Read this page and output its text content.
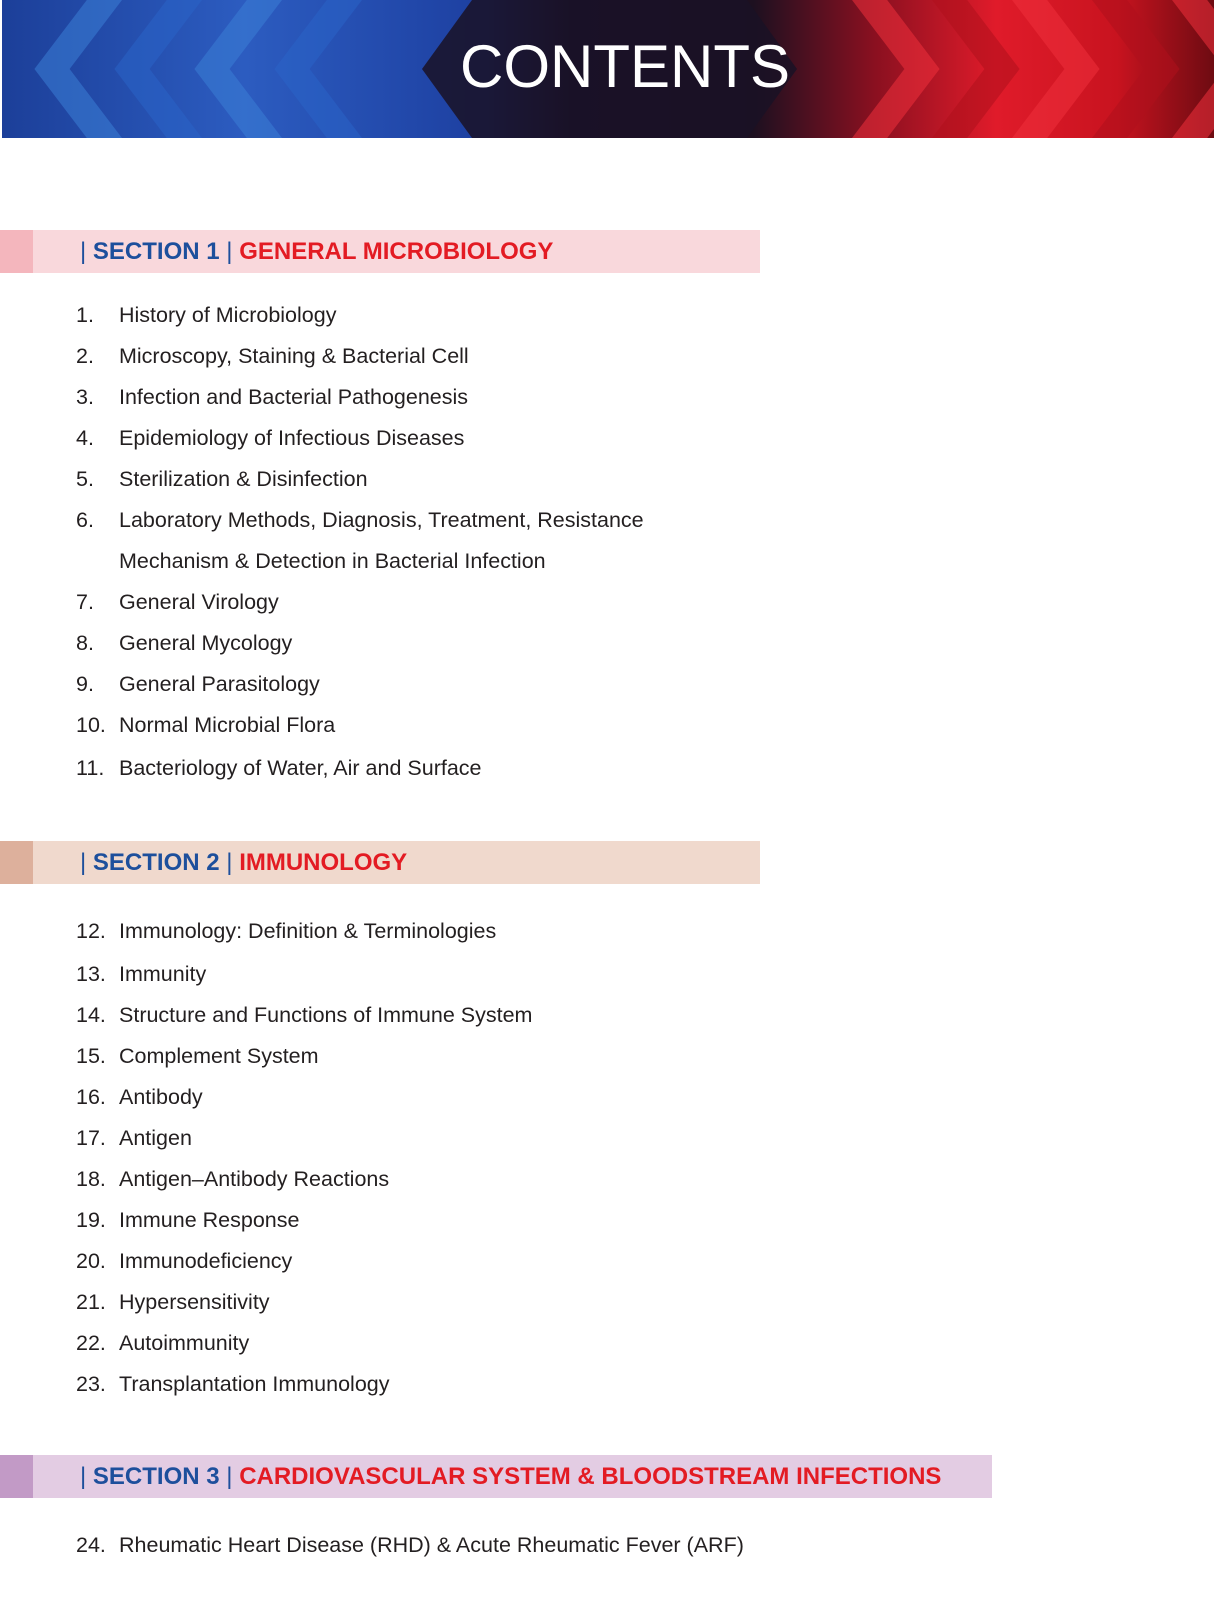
CONTENTS
| SECTION 1 | GENERAL MICROBIOLOGY
1. History of Microbiology
2. Microscopy, Staining & Bacterial Cell
3. Infection and Bacterial Pathogenesis
4. Epidemiology of Infectious Diseases
5. Sterilization & Disinfection
6. Laboratory Methods, Diagnosis, Treatment, Resistance
Mechanism & Detection in Bacterial Infection
7. General Virology
8. General Mycology
9. General Parasitology
10. Normal Microbial Flora
11. Bacteriology of Water, Air and Surface
| SECTION 2 | IMMUNOLOGY
12. Immunology: Definition & Terminologies
13. Immunity
14. Structure and Functions of Immune System
15. Complement System
16. Antibody
17. Antigen
18. Antigen–Antibody Reactions
19. Immune Response
20. Immunodeficiency
21. Hypersensitivity
22. Autoimmunity
23. Transplantation Immunology
| SECTION 3 | CARDIOVASCULAR SYSTEM & BLOODSTREAM INFECTIONS
24. Rheumatic Heart Disease (RHD) & Acute Rheumatic Fever (ARF)
